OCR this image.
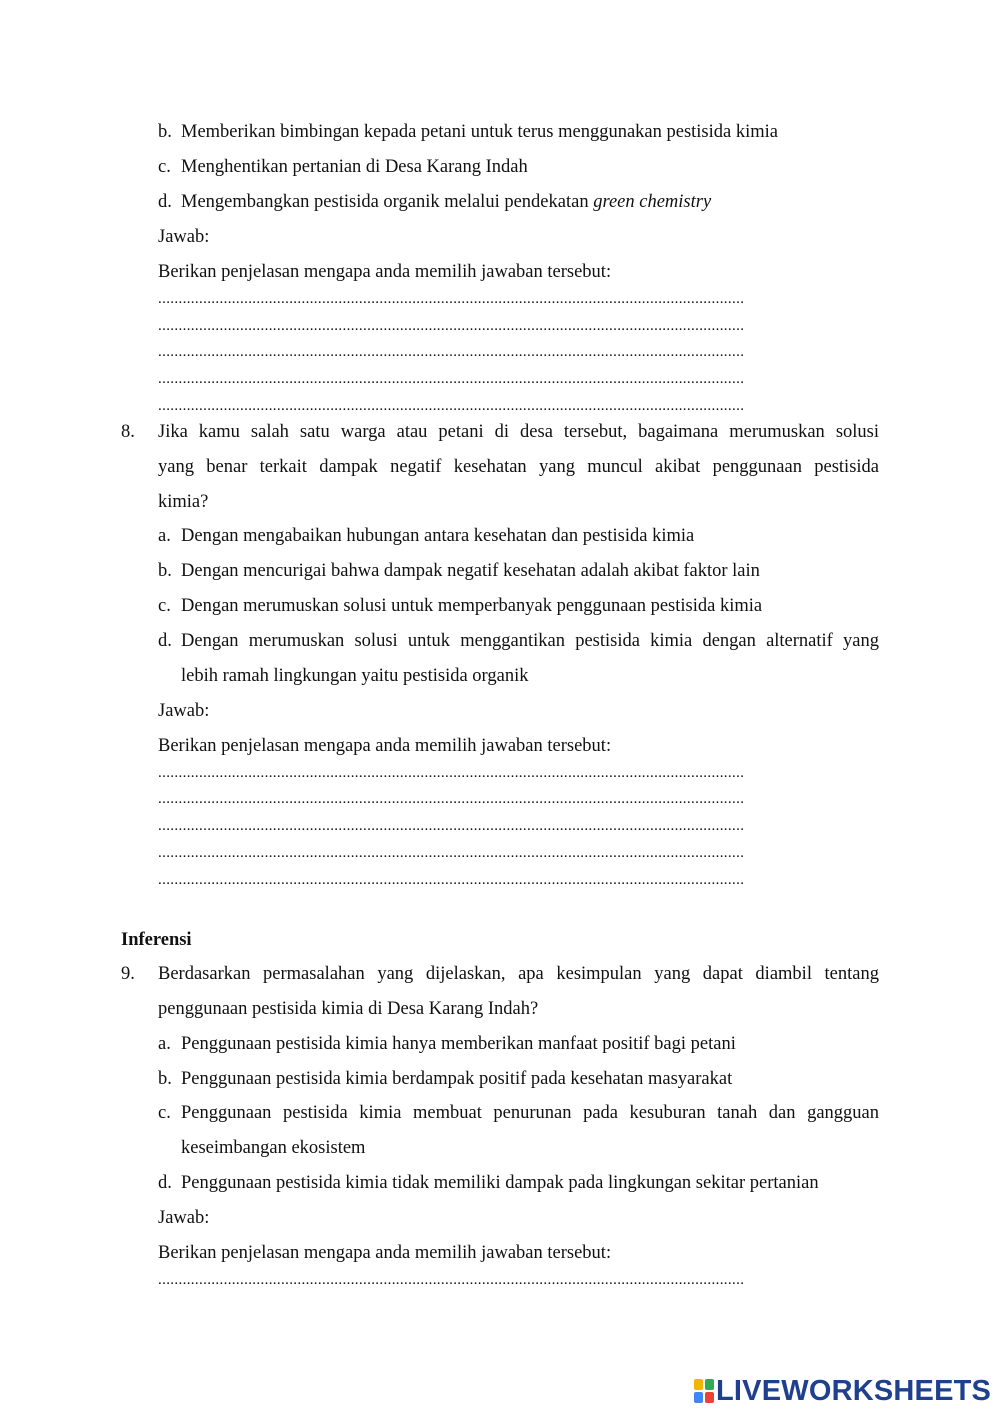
b. Memberikan bimbingan kepada petani untuk terus menggunakan pestisida kimia
c. Menghentikan pertanian di Desa Karang Indah
d. Mengembangkan pestisida organik melalui pendekatan green chemistry
Jawab:
Berikan penjelasan mengapa anda memilih jawaban tersebut:
...............................................................................................................................................
...............................................................................................................................................
...............................................................................................................................................
...............................................................................................................................................
...............................................................................................................................................
8. Jika kamu salah satu warga atau petani di desa tersebut, bagaimana merumuskan solusi
yang benar terkait dampak negatif kesehatan yang muncul akibat penggunaan pestisida
kimia?
a. Dengan mengabaikan hubungan antara kesehatan dan pestisida kimia
b. Dengan mencurigai bahwa dampak negatif kesehatan adalah akibat faktor lain
c. Dengan merumuskan solusi untuk memperbanyak penggunaan pestisida kimia
d. Dengan merumuskan solusi untuk menggantikan pestisida kimia dengan alternatif yang
lebih ramah lingkungan yaitu pestisida organik
Jawab:
Berikan penjelasan mengapa anda memilih jawaban tersebut:
...............................................................................................................................................
...............................................................................................................................................
...............................................................................................................................................
...............................................................................................................................................
...............................................................................................................................................
Inferensi
9. Berdasarkan permasalahan yang dijelaskan, apa kesimpulan yang dapat diambil tentang
penggunaan pestisida kimia di Desa Karang Indah?
a. Penggunaan pestisida kimia hanya memberikan manfaat positif bagi petani
b. Penggunaan pestisida kimia berdampak positif pada kesehatan masyarakat
c. Penggunaan pestisida kimia membuat penurunan pada kesuburan tanah dan gangguan
keseimbangan ekosistem
d. Penggunaan pestisida kimia tidak memiliki dampak pada lingkungan sekitar pertanian
Jawab:
Berikan penjelasan mengapa anda memilih jawaban tersebut:
...............................................................................................................................................
LIVEWORKSHEETS
